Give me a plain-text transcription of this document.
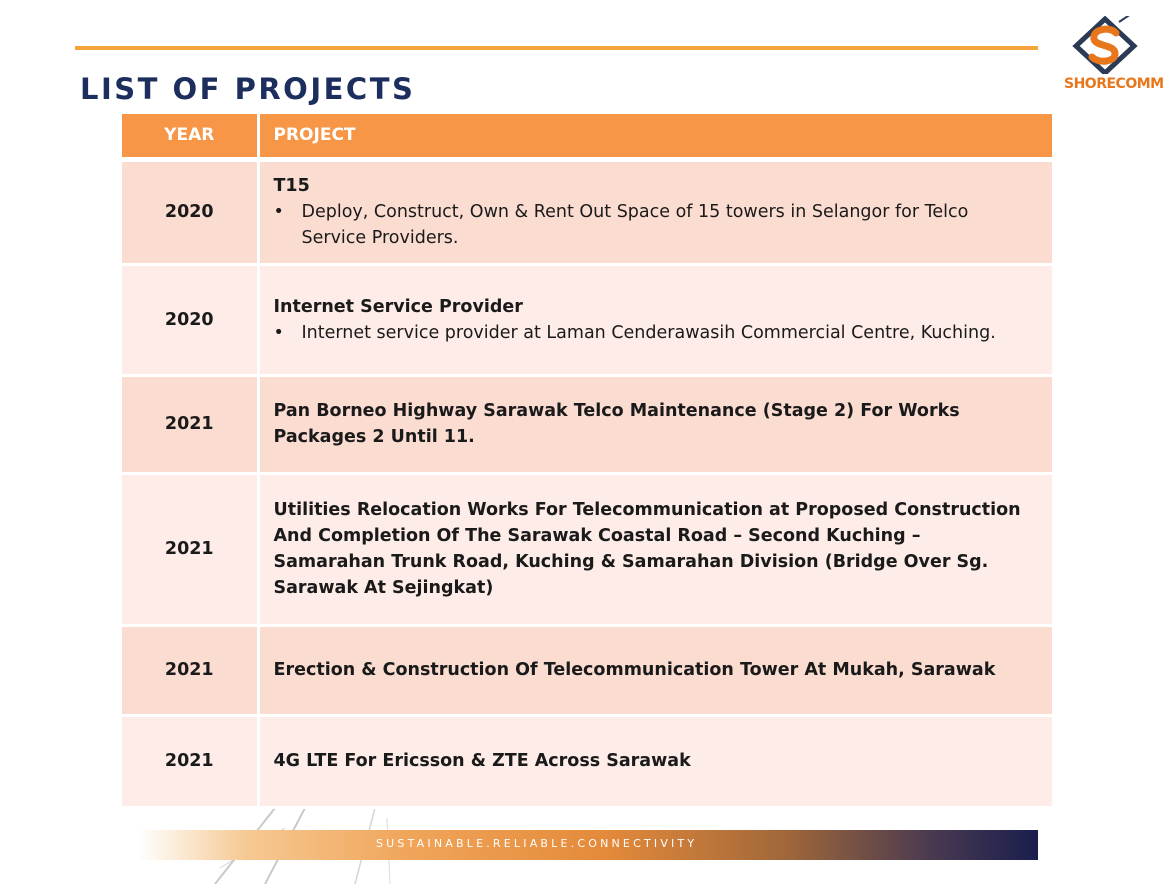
LIST OF PROJECTS	SHORECOMM
YEAR	PROJECT
2020	T15
• Deploy, Construct, Own & Rent Out Space of 15 towers in Selangor for Telco Service Providers.

2020	Internet Service Provider
• Internet service provider at Laman Cenderawasih Commercial Centre, Kuching.

2021	Pan Borneo Highway Sarawak Telco Maintenance (Stage 2) For Works Packages 2 Until 11.

2021	Utilities Relocation Works For Telecommunication at Proposed Construction And Completion Of The Sarawak Coastal Road – Second Kuching – Samarahan Trunk Road, Kuching & Samarahan Division (Bridge Over Sg. Sarawak At Sejingkat)

2021	Erection & Construction Of Telecommunication Tower At Mukah, Sarawak

2021	4G LTE For Ericsson & ZTE Across Sarawak
SUSTAINABLE.RELIABLE.CONNECTIVITY
